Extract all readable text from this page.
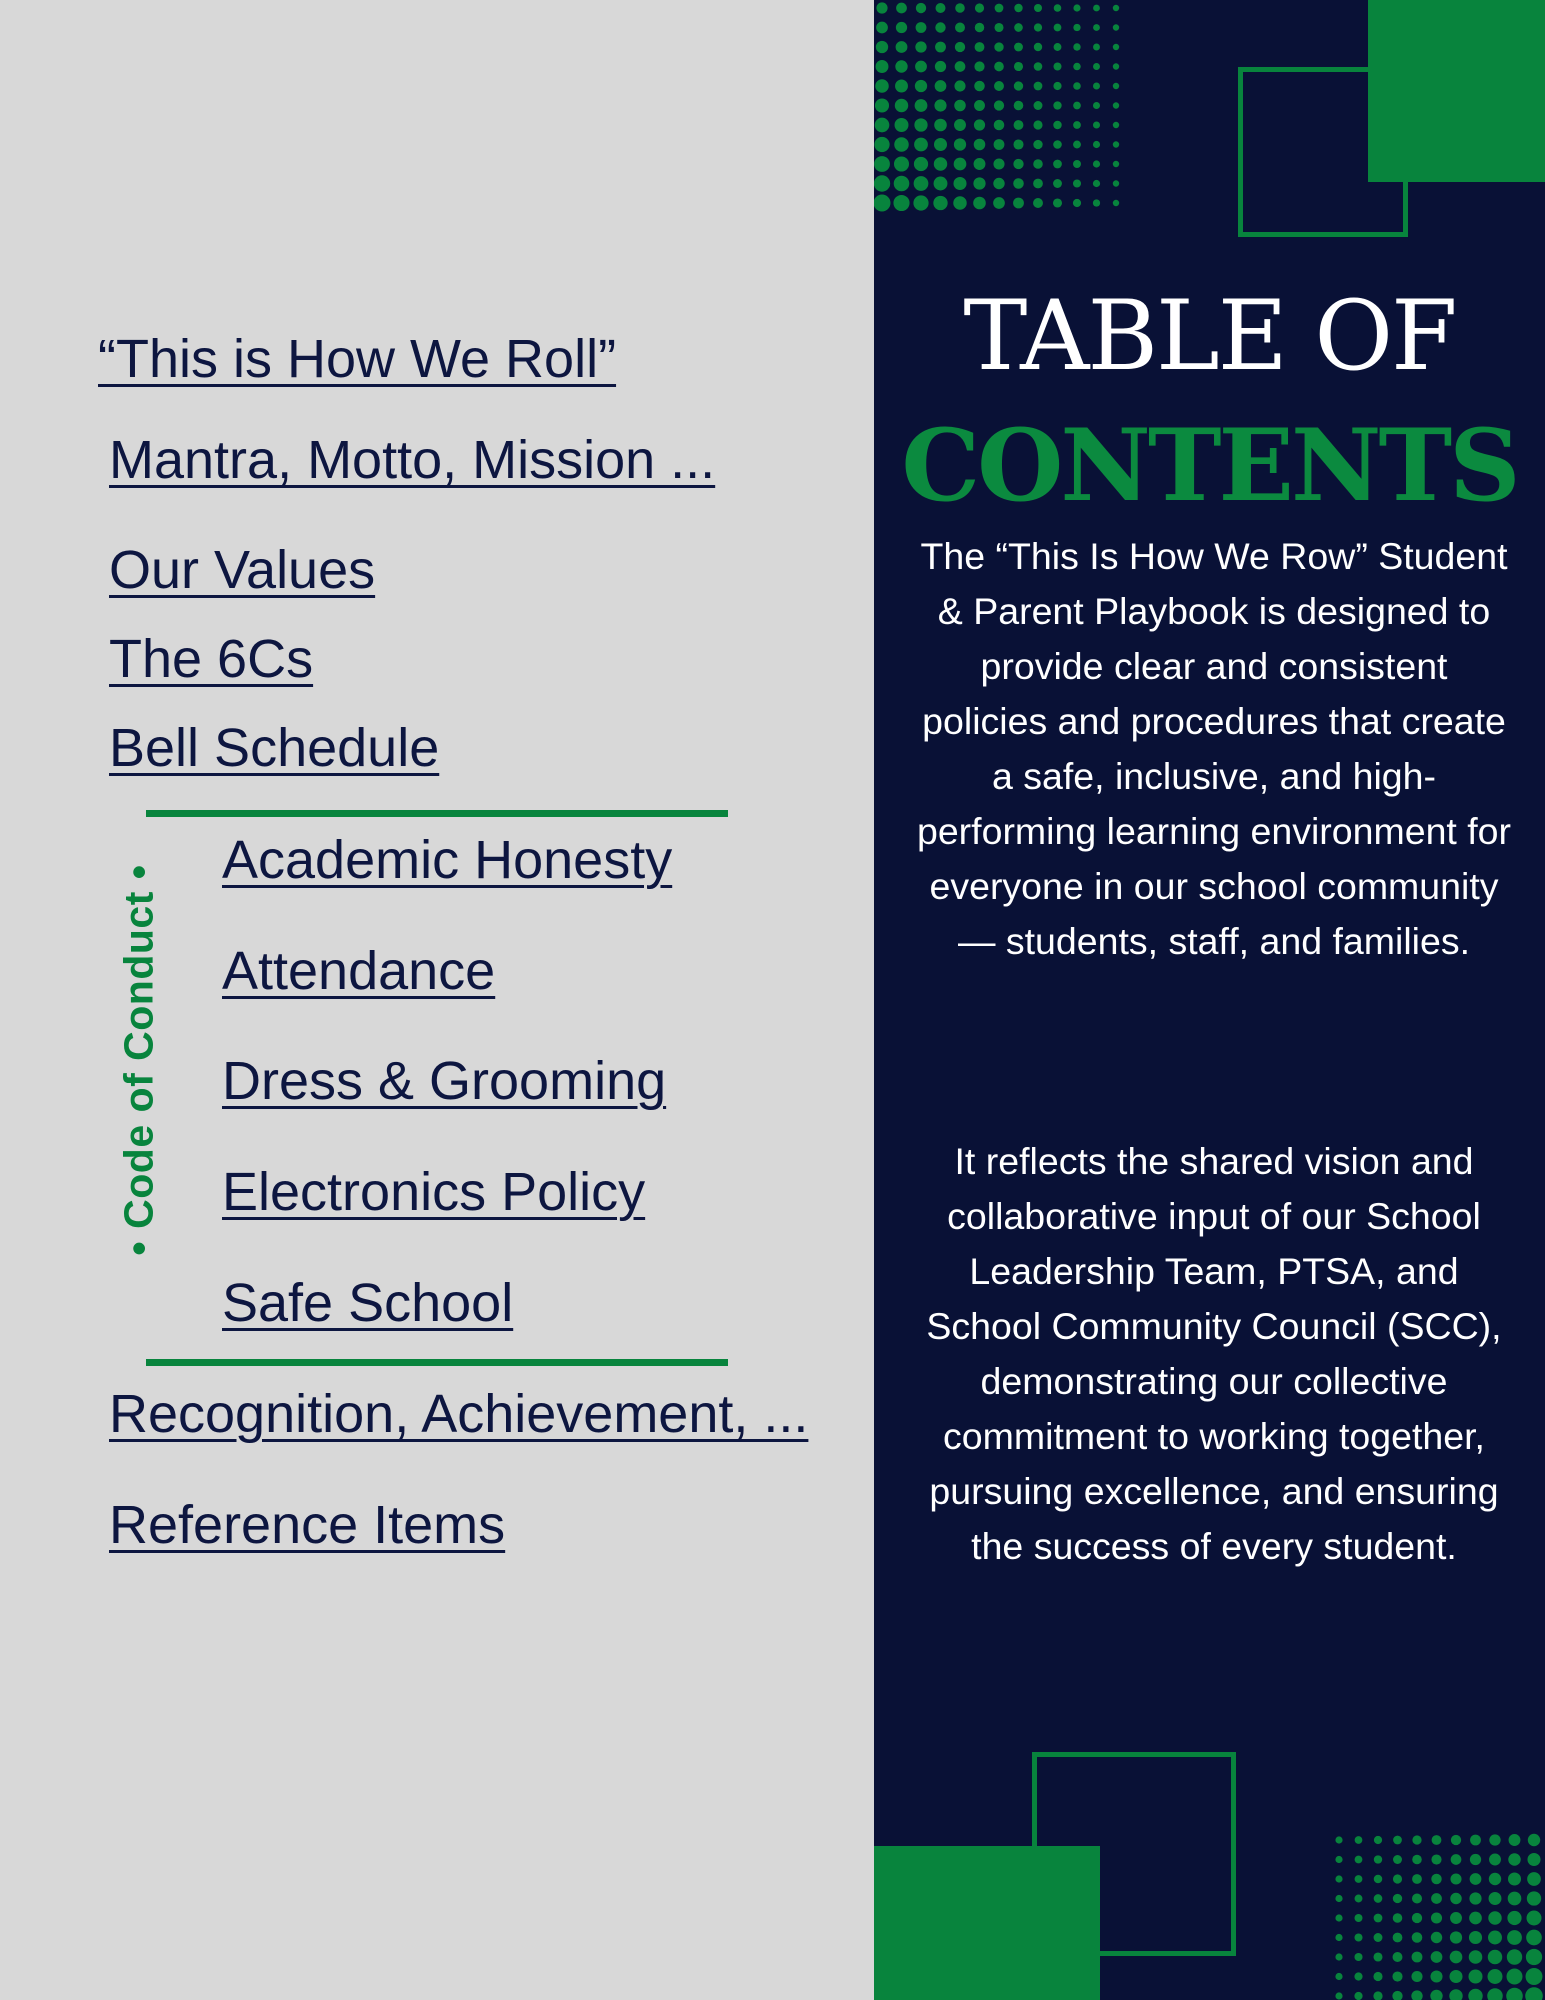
“This is How We Roll”
Mantra, Motto, Mission ...
Our Values
The 6Cs
Bell Schedule
• Code of Conduct •
Academic Honesty
Attendance
Dress & Grooming
Electronics Policy
Safe School
Recognition, Achievement, ...
Reference Items
TABLE OF
CONTENTS
The “This Is How We Row” Student & Parent Playbook is designed to provide clear and consistent policies and procedures that create a safe, inclusive, and high-performing learning environment for everyone in our school community— students, staff, and families.
It reflects the shared vision and collaborative input of our School Leadership Team, PTSA, and School Community Council (SCC), demonstrating our collective commitment to working together, pursuing excellence, and ensuring the success of every student.
